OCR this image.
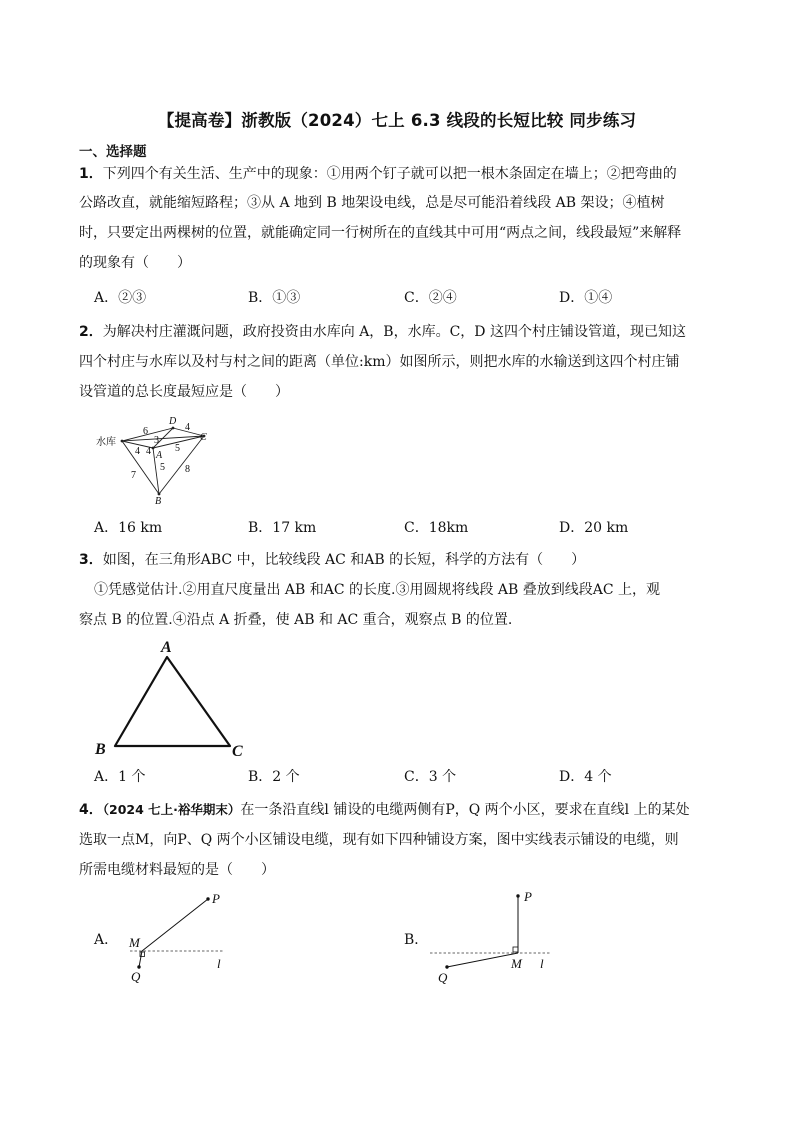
【提高卷】浙教版（2024）七上 6.3 线段的长短比较 同步练习
一、选择题
1．下列四个有关生活、生产中的现象：①用两个钉子就可以把一根木条固定在墙上；②把弯曲的
公路改直，就能缩短路程；③从 A 地到 B 地架设电线，总是尽可能沿着线段 AB 架设；④植树
时，只要定出两棵树的位置，就能确定同一行树所在的直线其中可用“两点之间，线段最短”来解释
的现象有（　　）
A．②③	B．①③	C．②④	D．①④
2．为解决村庄灌溉问题，政府投资由水库向 A，B，水库。C，D 这四个村庄铺设管道，现已知这
四个村庄与水库以及村与村之间的距离（单位:km）如图所示，则把水库的水输送到这四个村庄铺
设管道的总长度最短应是（　　）
水库
D
C
A
B
6	4
3
4 4 5
5
7
8
A．16 km	B．17 km	C．18km	D．20 km
3．如图，在三角形ABC 中，比较线段 AC 和AB 的长短，科学的方法有（　　）
①凭感觉估计.②用直尺度量出 AB 和AC 的长度.③用圆规将线段 AB 叠放到线段AC 上，观
察点 B 的位置.④沿点 A 折叠，使 AB 和 AC 重合，观察点 B 的位置.
A
B	C
A．1 个	B．2 个	C．3 个	D．4 个
4．（2024 七上·裕华期末）在一条沿直线l 铺设的电缆两侧有P，Q 两个小区，要求在直线l 上的某处
选取一点M，向P、Q 两个小区铺设电缆，现有如下四种铺设方案，图中实线表示铺设的电缆，则
所需电缆材料最短的是（　　）
A．
P
M
Q
l
B．
P
M
Q
l
